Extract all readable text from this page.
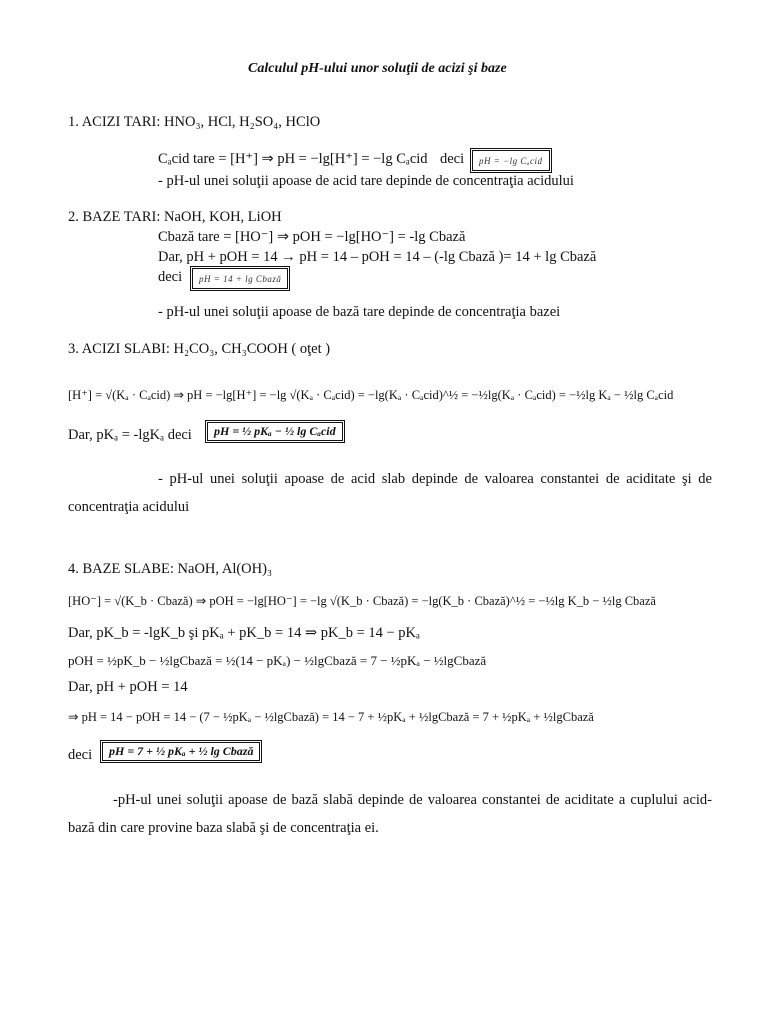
Calculul pH-ului unor soluţii de acizi şi baze
1. ACIZI TARI: HNO₃, HCl, H₂SO₄, HClO
Cₐcid tare = [H⁺] ⇒ pH = −lg[H⁺] = −lg Cₐcid deci	pH = −lg Cₐcid
- pH-ul unei soluţii apoase de acid tare depinde de concentraţia acidului
2. BAZE TARI: NaOH, KOH, LiOH
Cbază tare = [HO⁻] ⇒ pOH = −lg[HO⁻] = -lg Cbază
Dar, pH + pOH = 14 → pH = 14 – pOH = 14 – (-lg Cbază )= 14 + lg Cbază
deci	pH = 14 + lg Cbază
- pH-ul unei soluţii apoase de bază tare depinde de concentraţia bazei
3. ACIZI SLABI: H₂CO₃, CH₃COOH ( oţet )
[H⁺] = √(Kₐ · Cₐcid) ⇒ pH = −lg[H⁺] = −lg √(Kₐ · Cₐcid) = −lg(Kₐ · Cₐcid)^½ = −½lg(Kₐ · Cₐcid) = −½lg Kₐ − ½lg Cₐcid
Dar, pKₐ = -lgKₐ deci	pH = ½ pKₐ − ½ lg Cₐcid
- pH-ul unei soluţii apoase de acid slab depinde de valoarea constantei de aciditate şi de concentraţia acidului
4. BAZE SLABE: NaOH, Al(OH)₃
[HO⁻] = √(K_b · Cbază) ⇒ pOH = −lg[HO⁻] = −lg √(K_b · Cbază) = −lg(K_b · Cbază)^½ = −½lg K_b − ½lg Cbază
Dar, pK_b = -lgK_b şi pKₐ + pK_b = 14 ⇒ pK_b = 14 − pKₐ
pOH = ½pK_b − ½lgCbază = ½(14 − pKₐ) − ½lgCbază = 7 − ½pKₐ − ½lgCbază
Dar, pH + pOH = 14
⇒ pH = 14 − pOH = 14 − (7 − ½pKₐ − ½lgCbază) = 14 − 7 + ½pKₐ + ½lgCbază = 7 + ½pKₐ + ½lgCbază
deci	pH = 7 + ½ pKₐ + ½ lg Cbază
-pH-ul unei soluţii apoase de bază slabă depinde de valoarea constantei de aciditate a cuplului acid-bază din care provine baza slabă şi de concentraţia ei.
